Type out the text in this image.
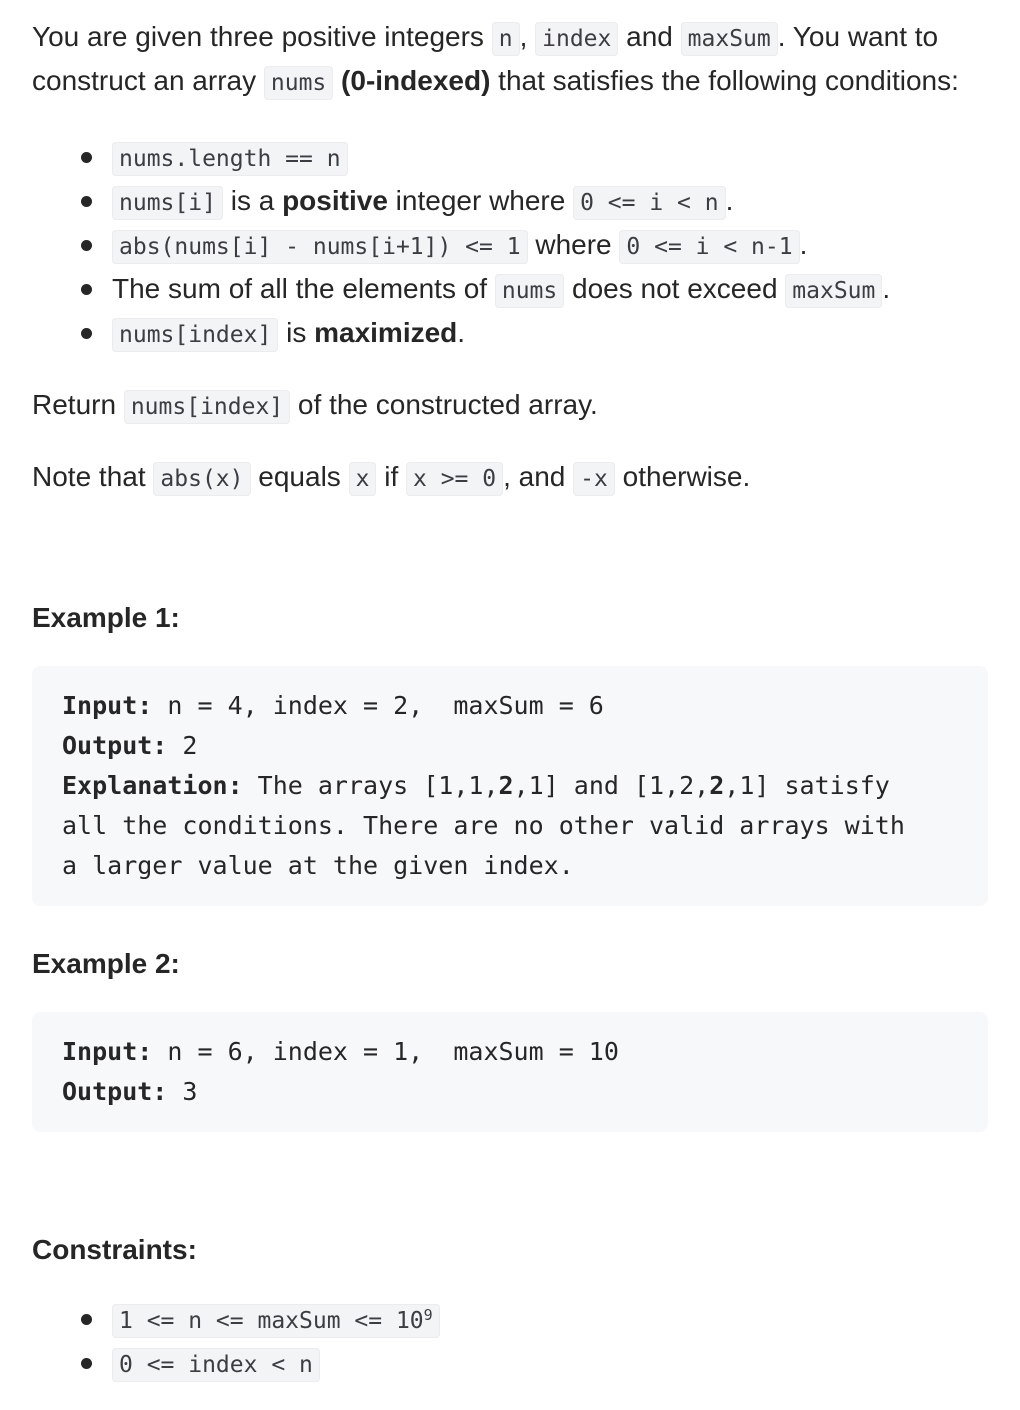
You are given three positive integers n , index and maxSum . You want to construct an array nums (0-indexed) that satisfies the following conditions:

nums.length == n
nums[i] is a positive integer where 0 <= i < n .
abs(nums[i] - nums[i+1]) <= 1 where 0 <= i < n-1 .
The sum of all the elements of nums does not exceed maxSum .
nums[index] is maximized.

Return nums[index] of the constructed array.

Note that abs(x) equals x if x >= 0 , and -x otherwise.

Example 1:
Input: n = 4, index = 2,  maxSum = 6
Output: 2
Explanation: The arrays [1,1,2,1] and [1,2,2,1] satisfy
all the conditions. There are no other valid arrays with
a larger value at the given index.
Example 2:
Input: n = 6, index = 1,  maxSum = 10
Output: 3
Constraints:
1 <= n <= maxSum <= $10^9$
0 <= index < n
